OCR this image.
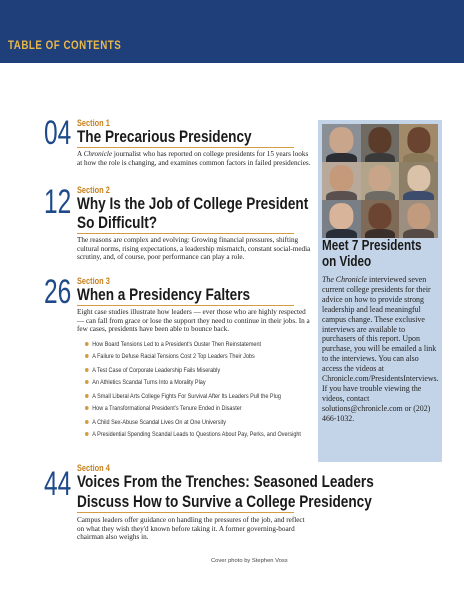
TABLE OF CONTENTS
04 Section 1
The Precarious Presidency
A Chronicle journalist who has reported on college presidents for 15 years looks at how the role is changing, and examines common factors in failed presidencies.
12 Section 2
Why Is the Job of College President
So Difficult?
The reasons are complex and evolving: Growing financial pressures, shifting cultural norms, rising expectations, a leadership mismatch, constant social-media scrutiny, and, of course, poor performance can play a role.
26 Section 3
When a Presidency Falters
Eight case studies illustrate how leaders — ever those who are highly respected — can fall from grace or lose the support they need to continue in their jobs. In a few cases, presidents have been able to bounce back.
How Board Tensions Led to a President's Ouster Then Reinstatement
A Failure to Defuse Racial Tensions Cost 2 Top Leaders Their Jobs
A Test Case of Corporate Leadership Fails Miserably
An Athletics Scandal Turns Into a Morality Play
A Small Liberal Arts College Fights For Survival After Its Leaders Pull the Plug
How a Transformational President's Tenure Ended in Disaster
A Child Sex-Abuse Scandal Lives On at One University
A Presidential Spending Scandal Leads to Questions About Pay, Perks, and Oversight
44 Section 4
Voices From the Trenches: Seasoned Leaders
Discuss How to Survive a College Presidency
Campus leaders offer guidance on handling the pressures of the job, and reflect on what they wish they'd known before taking it. A former governing-board chairman also weighs in.
Meet 7 Presidents
on Video
The Chronicle interviewed seven current college presidents for their advice on how to provide strong leadership and lead meaningful campus change. These exclusive interviews are available to purchasers of this report. Upon purchase, you will be emailed a link to the interviews. You can also access the videos at Chronicle.com/PresidentsInterviews. If you have trouble viewing the videos, contact solutions@chronicle.com or (202) 466-1032.
Cover photo by Stephen Voss
